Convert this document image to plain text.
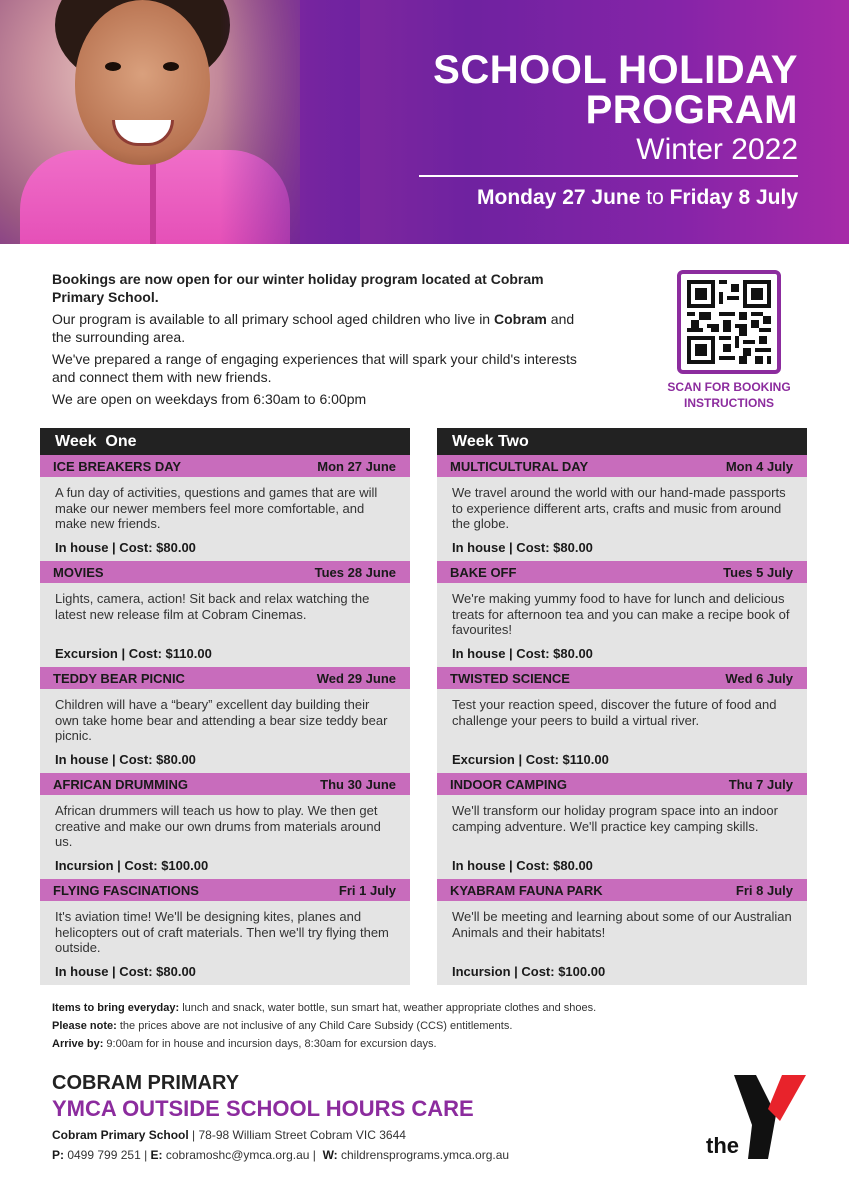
SCHOOL HOLIDAY
PROGRAM
Winter 2022
Monday 27 June to Friday 8 July

Bookings are now open for our winter holiday program located at Cobram Primary School.

Our program is available to all primary school aged children who live in Cobram and the surrounding area.

We've prepared a range of engaging experiences that will spark your child's interests and connect them with new friends.

We are open on weekdays from 6:30am to 6:00pm

SCAN FOR BOOKING INSTRUCTIONS
Week  One
ICE BREAKERS DAY	Mon 27 June
A fun day of activities, questions and games that are will make our newer members feel more comfortable, and make new friends.
In house | Cost: $80.00
MOVIES	Tues 28 June
Lights, camera, action! Sit back and relax watching the latest new release film at Cobram Cinemas.
Excursion | Cost: $110.00
TEDDY BEAR PICNIC	Wed 29 June
Children will have a “beary” excellent day building their own take home bear and attending a bear size teddy bear picnic.
In house | Cost: $80.00
AFRICAN DRUMMING	Thu 30 June
African drummers will teach us how to play. We then get creative and make our own drums from materials around us.
Incursion | Cost: $100.00
FLYING FASCINATIONS	Fri 1 July
It's aviation time! We'll be designing kites, planes and helicopters out of craft materials. Then we'll try flying them outside.
In house | Cost: $80.00
Week Two
MULTICULTURAL DAY	Mon 4 July
We travel around the world with our hand-made passports to experience different arts, crafts and music from around the globe.
In house | Cost: $80.00
BAKE OFF	Tues 5 July
We're making yummy food to have for lunch and delicious treats for afternoon tea and you can make a recipe book of favourites!
In house | Cost: $80.00
TWISTED SCIENCE	Wed 6 July
Test your reaction speed, discover the future of food and challenge your peers to build a virtual river.
Excursion | Cost: $110.00
INDOOR CAMPING	Thu 7 July
We'll transform our holiday program space into an indoor camping adventure. We'll practice key camping skills.
In house | Cost: $80.00
KYABRAM FAUNA PARK	Fri 8 July
We'll be meeting and learning about some of our Australian Animals and their habitats!
Incursion | Cost: $100.00
Items to bring everyday: lunch and snack, water bottle, sun smart hat, weather appropriate clothes and shoes.
Please note: the prices above are not inclusive of any Child Care Subsidy (CCS) entitlements.
Arrive by: 9:00am for in house and incursion days, 8:30am for excursion days.
COBRAM PRIMARY
YMCA OUTSIDE SCHOOL HOURS CARE
Cobram Primary School | 78-98 William Street Cobram VIC 3644
P: 0499 799 251 | E: cobramoshc@ymca.org.au |  W: childrensprograms.ymca.org.au	the
